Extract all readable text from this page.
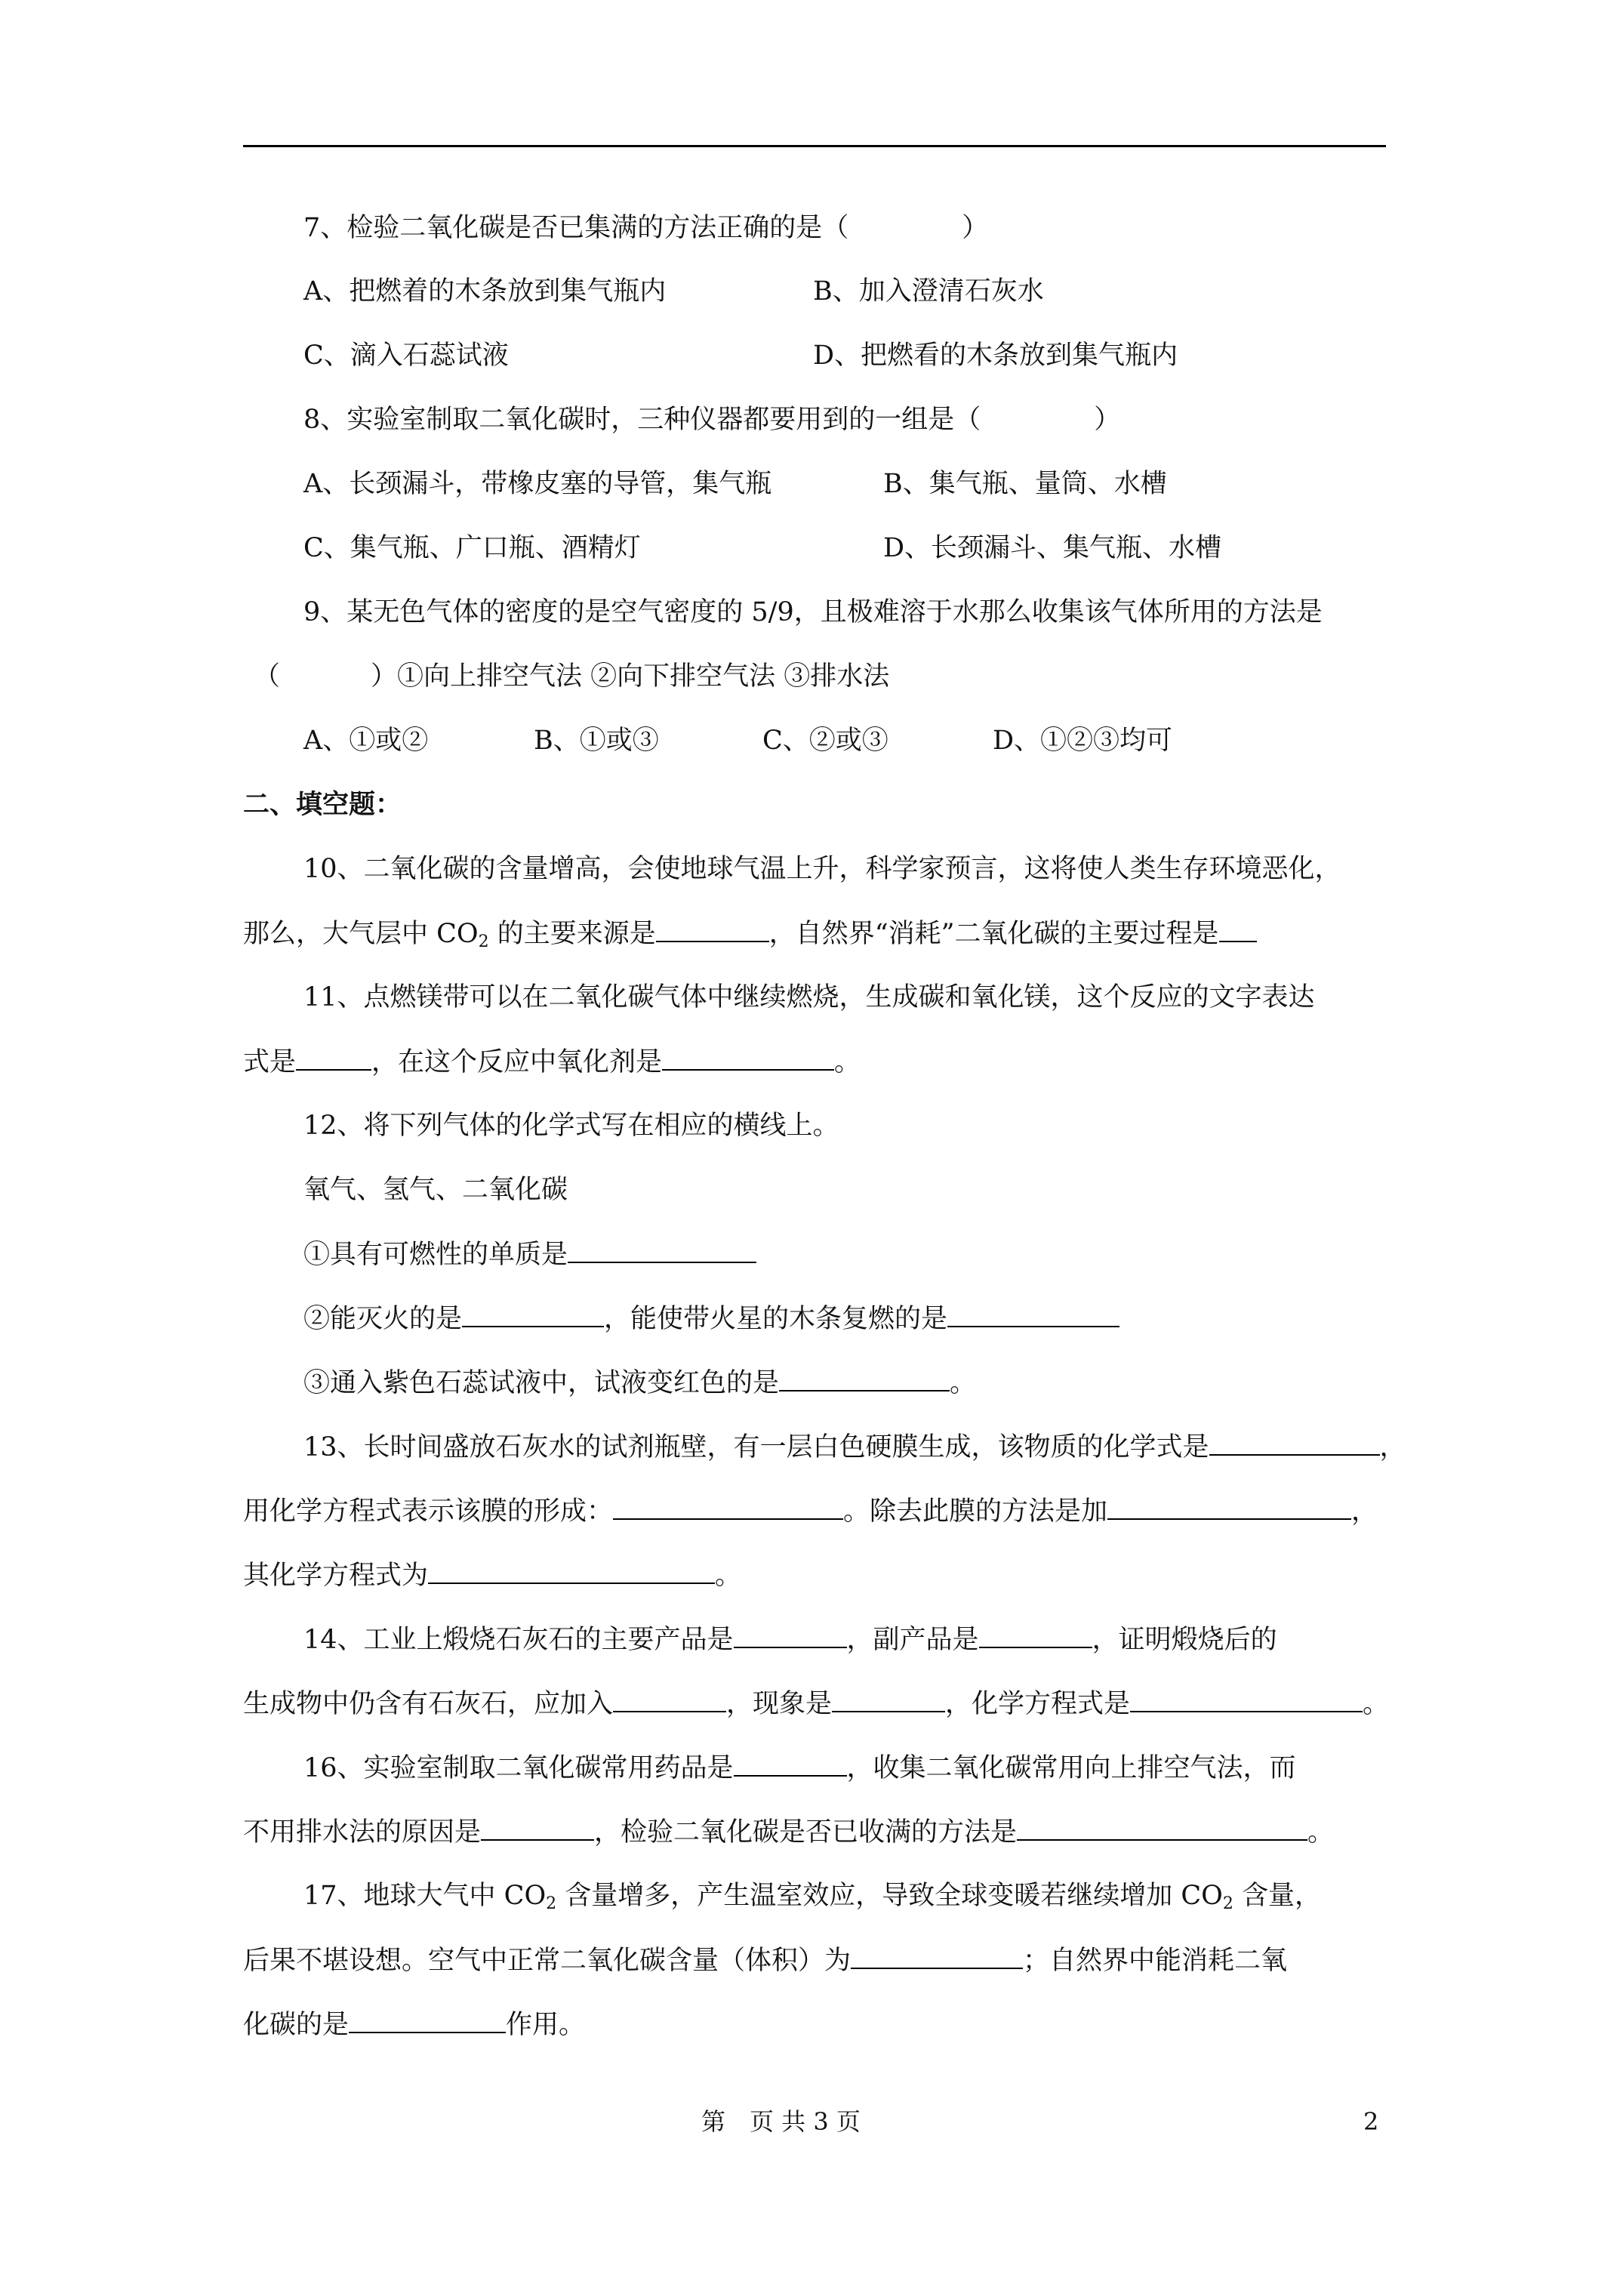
7、检验二氧化碳是否已集满的方法正确的是（	）
A、把燃着的木条放到集气瓶内	B、加入澄清石灰水
C、滴入石蕊试液	D、把燃看的木条放到集气瓶内
8、实验室制取二氧化碳时，三种仪器都要用到的一组是（	）
A、长颈漏斗，带橡皮塞的导管，集气瓶	B、集气瓶、量筒、水槽
C、集气瓶、广口瓶、酒精灯	D、长颈漏斗、集气瓶、水槽
9、某无色气体的密度的是空气密度的 5/9，且极难溶于水那么收集该气体所用的方法是
（	）①向上排空气法 ②向下排空气法 ③排水法
A、①或②	B、①或③	C、②或③	D、①②③均可
二、填空题：
10、二氧化碳的含量增高，会使地球气温上升，科学家预言，这将使人类生存环境恶化，
那么，大气层中 $CO_2$ 的主要来源是	，自然界“消耗”二氧化碳的主要过程是
11、点燃镁带可以在二氧化碳气体中继续燃烧，生成碳和氧化镁，这个反应的文字表达
式是	，在这个反应中氧化剂是	。
12、将下列气体的化学式写在相应的横线上。
氧气、氢气、二氧化碳
①具有可燃性的单质是
②能灭火的是	，能使带火星的木条复燃的是
③通入紫色石蕊试液中，试液变红色的是	。
13、长时间盛放石灰水的试剂瓶壁，有一层白色硬膜生成，该物质的化学式是	，
用化学方程式表示该膜的形成：	。除去此膜的方法是加	，
其化学方程式为	。
14、工业上煅烧石灰石的主要产品是	，副产品是	，证明煅烧后的
生成物中仍含有石灰石，应加入	，现象是	，化学方程式是	。
16、实验室制取二氧化碳常用药品是	，收集二氧化碳常用向上排空气法，而
不用排水法的原因是	，检验二氧化碳是否已收满的方法是	。
17、地球大气中 $CO_2$ 含量增多，产生温室效应，导致全球变暖若继续增加 $CO_2$ 含量，
后果不堪设想。空气中正常二氧化碳含量（体积）为	；自然界中能消耗二氧
化碳的是	作用。
第　页 共 3 页	2
